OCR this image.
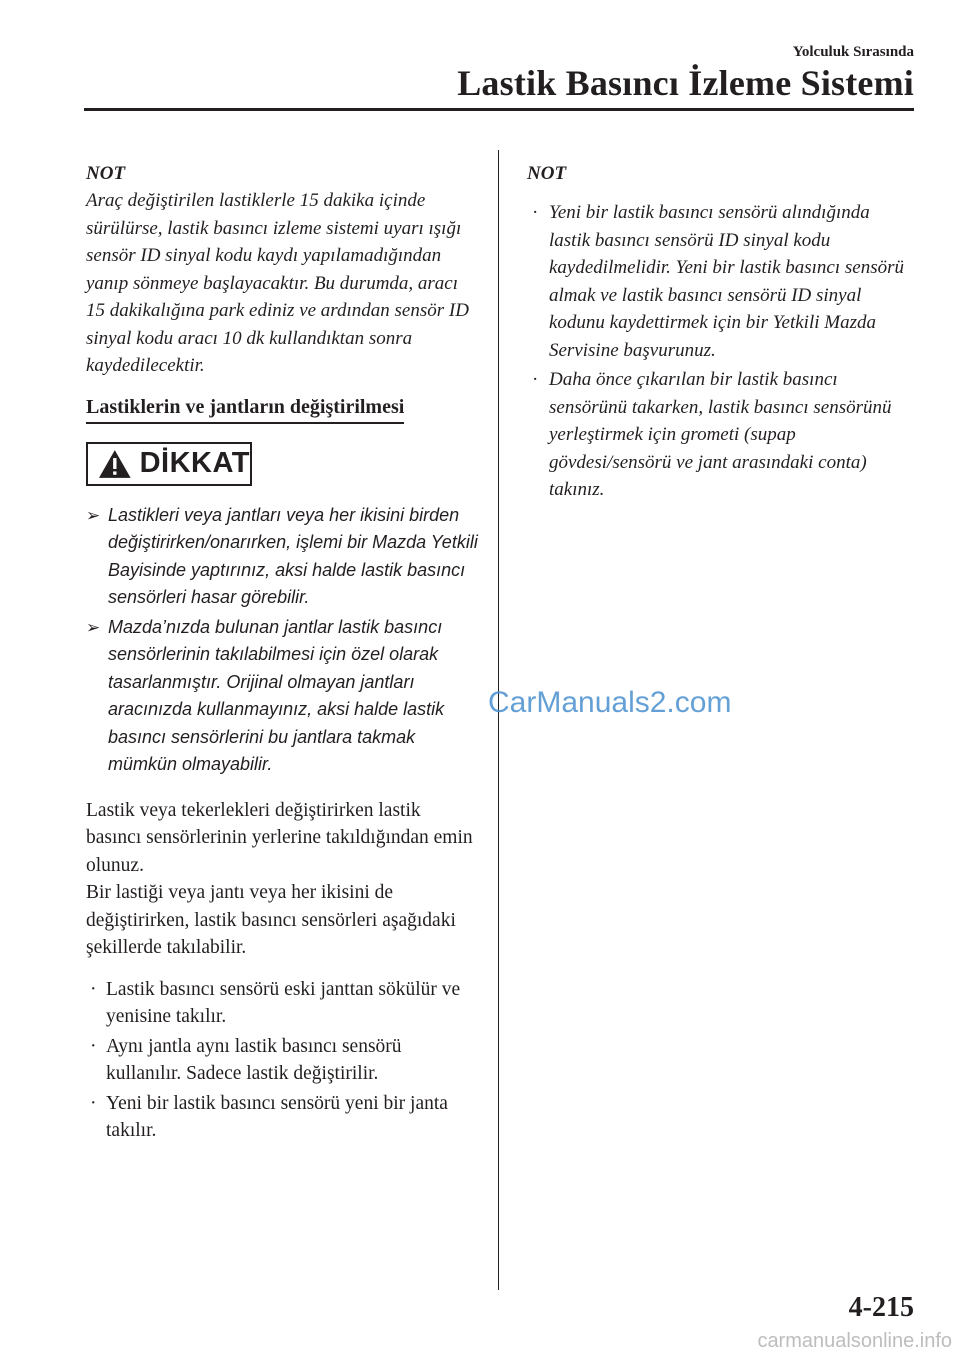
Yolculuk Sırasında
Lastik Basıncı İzleme Sistemi
NOT

Araç değiştirilen lastiklerle 15 dakika içinde sürülürse, lastik basıncı izleme sistemi uyarı ışığı sensör ID sinyal kodu kaydı yapılamadığından yanıp sönmeye başlayacaktır. Bu durumda, aracı 15 dakikalığına park ediniz ve ardından sensör ID sinyal kodu aracı 10 dk kullandıktan sonra kaydedilecektir.

Lastiklerin ve jantların değiştirilmesi
DİKKAT
➢ Lastikleri veya jantları veya her ikisini birden değiştirirken/onarırken, işlemi bir Mazda Yetkili Bayisinde yaptırınız, aksi halde lastik basıncı sensörleri hasar görebilir.
➢ Mazda’nızda bulunan jantlar lastik basıncı sensörlerinin takılabilmesi için özel olarak tasarlanmıştır. Orijinal olmayan jantları aracınızda kullanmayınız, aksi halde lastik basıncı sensörlerini bu jantlara takmak mümkün olmayabilir.

Lastik veya tekerlekleri değiştirirken lastik basıncı sensörlerinin yerlerine takıldığından emin olunuz.

Bir lastiği veya jantı veya her ikisini de değiştirirken, lastik basıncı sensörleri aşağıdaki şekillerde takılabilir.

· Lastik basıncı sensörü eski janttan sökülür ve yenisine takılır.
· Aynı jantla aynı lastik basıncı sensörü kullanılır. Sadece lastik değiştirilir.
· Yeni bir lastik basıncı sensörü yeni bir janta takılır.
NOT
· Yeni bir lastik basıncı sensörü alındığında lastik basıncı sensörü ID sinyal kodu kaydedilmelidir. Yeni bir lastik basıncı sensörü almak ve lastik basıncı sensörü ID sinyal kodunu kaydettirmek için bir Yetkili Mazda Servisine başvurunuz.
· Daha önce çıkarılan bir lastik basıncı sensörünü takarken, lastik basıncı sensörünü yerleştirmek için grometi (supap gövdesi/sensörü ve jant arasındaki conta) takınız.
CarManuals2.com
4-215
carmanualsonline.info
